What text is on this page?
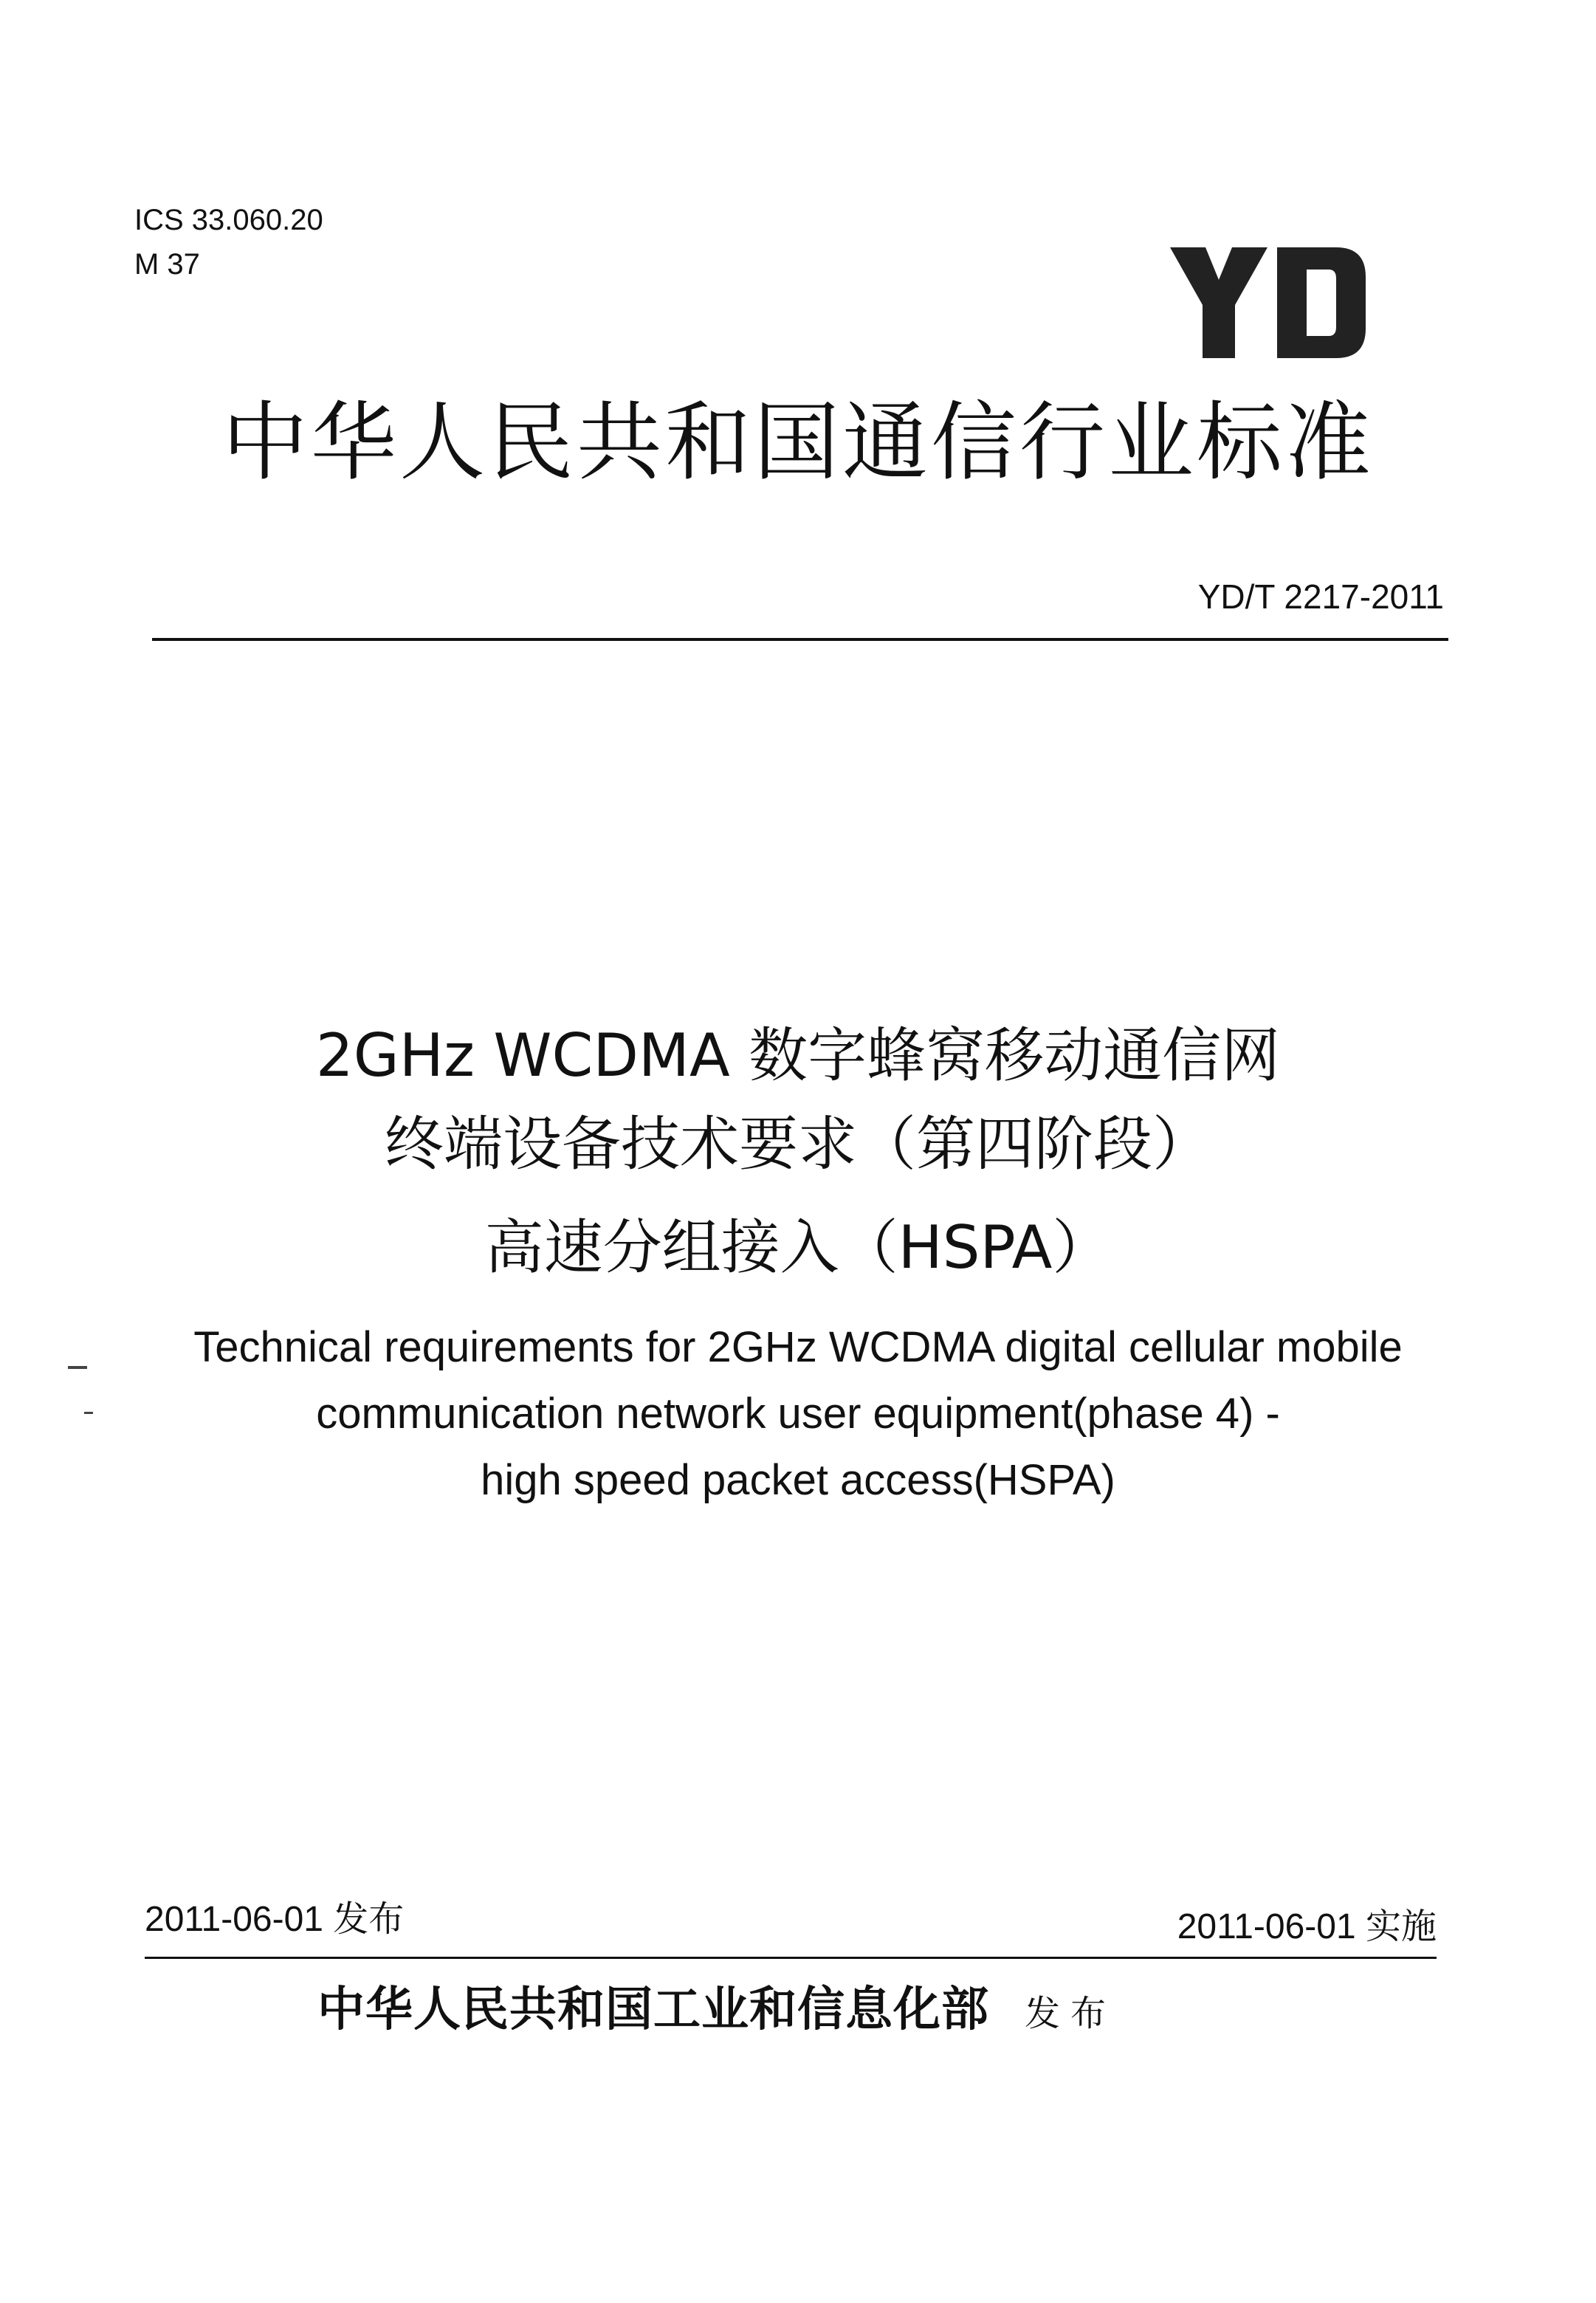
ICS 33.060.20
M 37
中华人民共和国通信行业标准
YD/T 2217-2011
2GHz WCDMA 数字蜂窝移动通信网
终端设备技术要求（第四阶段）
高速分组接入（HSPA）
Technical requirements for 2GHz WCDMA digital cellular mobile
communication network user equipment(phase 4) -
high speed packet access(HSPA)
2011-06-01 发布	2011-06-01 实施
中华人民共和国工业和信息化部 发布
